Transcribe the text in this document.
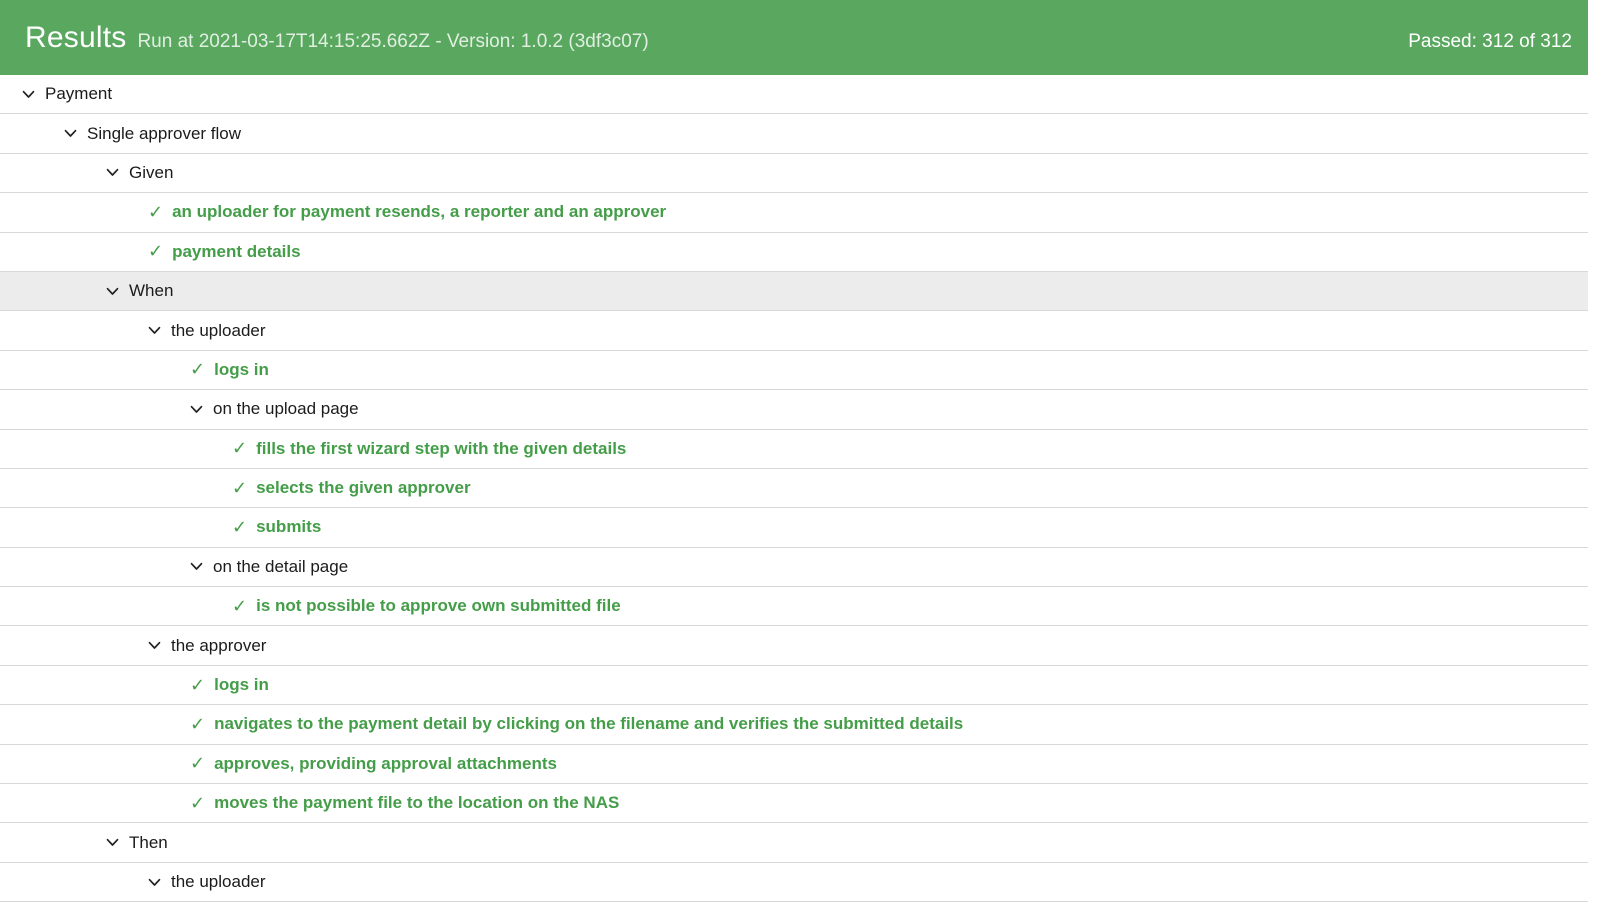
Results Run at 2021-03-17T14:15:25.662Z - Version: 1.0.2 (3df3c07)	Passed: 312 of 312
Payment
Single approver flow
Given
✓ an uploader for payment resends, a reporter and an approver
✓ payment details
When
the uploader
✓ logs in
on the upload page
✓ fills the first wizard step with the given details
✓ selects the given approver
✓ submits
on the detail page
✓ is not possible to approve own submitted file
the approver
✓ logs in
✓ navigates to the payment detail by clicking on the filename and verifies the submitted details
✓ approves, providing approval attachments
✓ moves the payment file to the location on the NAS
Then
the uploader
